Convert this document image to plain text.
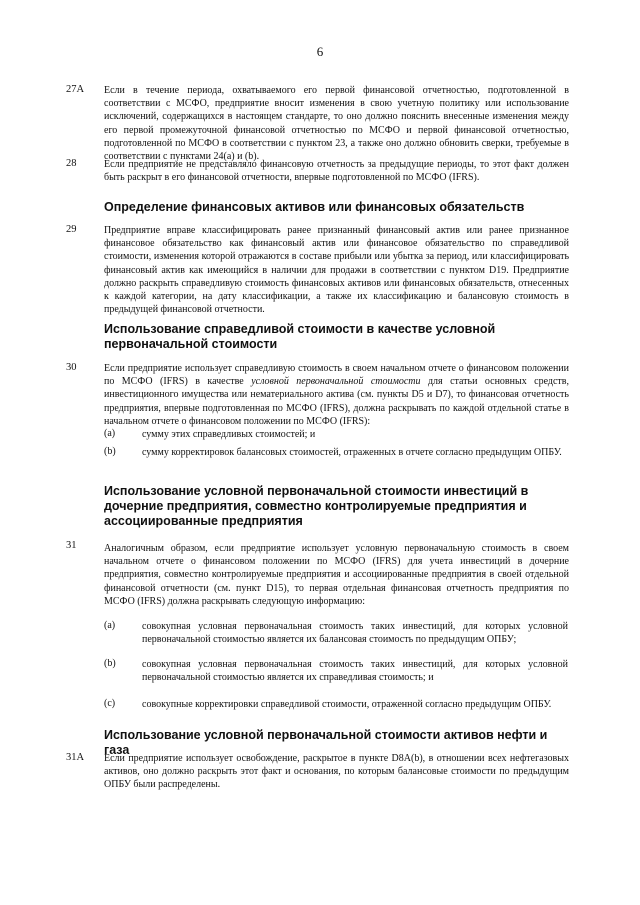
6
27A Если в течение периода, охватываемого его первой финансовой отчетностью, подготовленной в соответствии с МСФО, предприятие вносит изменения в свою учетную политику или использование исключений, содержащихся в настоящем стандарте, то оно должно пояснить внесенные изменения между его первой промежуточной финансовой отчетностью по МСФО и первой финансовой отчетностью, подготовленной по МСФО в соответствии с пунктом 23, а также оно должно обновить сверки, требуемые в соответствии с пунктами 24(a) и (b).
28	Если предприятие не представляло финансовую отчетность за предыдущие периоды, то этот факт должен быть раскрыт в его финансовой отчетности, впервые подготовленной по МСФО (IFRS).
Определение финансовых активов или финансовых обязательств
29	Предприятие вправе классифицировать ранее признанный финансовый актив или ранее признанное финансовое обязательство как финансовый актив или финансовое обязательство по справедливой стоимости, изменения которой отражаются в составе прибыли или убытка за период, или классифицировать финансовый актив как имеющийся в наличии для продажи в соответствии с пунктом D19. Предприятие должно раскрыть справедливую стоимость финансовых активов или финансовых обязательств, отнесенных к каждой категории, на дату классификации, а также их классификацию и балансовую стоимость в предыдущей финансовой отчетности.
Использование справедливой стоимости в качестве условной первоначальной стоимости
30	Если предприятие использует справедливую стоимость в своем начальном отчете о финансовом положении по МСФО (IFRS) в качестве условной первоначальной стоимости для статьи основных средств, инвестиционного имущества или нематериального актива (см. пункты D5 и D7), то финансовая отчетность предприятия, впервые подготовленная по МСФО (IFRS), должна раскрывать по каждой отдельной статье в начальном отчете о финансовом положении по МСФО (IFRS):
(a)	сумму этих справедливых стоимостей; и
(b)	сумму корректировок балансовых стоимостей, отраженных в отчете согласно предыдущим ОПБУ.
Использование условной первоначальной стоимости инвестиций в дочерние предприятия, совместно контролируемые предприятия и ассоциированные предприятия
31	Аналогичным образом, если предприятие использует условную первоначальную стоимость в своем начальном отчете о финансовом положении по МСФО (IFRS) для учета инвестиций в дочерние предприятия, совместно контролируемые предприятия и ассоциированные предприятия в своей отдельной финансовой отчетности (см. пункт D15), то первая отдельная финансовая отчетность предприятия по МСФО (IFRS) должна раскрывать следующую информацию:
(a)	совокупная условная первоначальная стоимость таких инвестиций, для которых условной первоначальной стоимостью является их балансовая стоимость по предыдущим ОПБУ;
(b)	совокупная условная первоначальная стоимость таких инвестиций, для которых условной первоначальной стоимостью является их справедливая стоимость; и
(c)	совокупные корректировки справедливой стоимости, отраженной согласно предыдущим ОПБУ.
Использование условной первоначальной стоимости активов нефти и газа
31A Если предприятие использует освобождение, раскрытое в пункте D8A(b), в отношении всех нефтегазовых активов, оно должно раскрыть этот факт и основания, по которым балансовые стоимости по предыдущим ОПБУ были распределены.
